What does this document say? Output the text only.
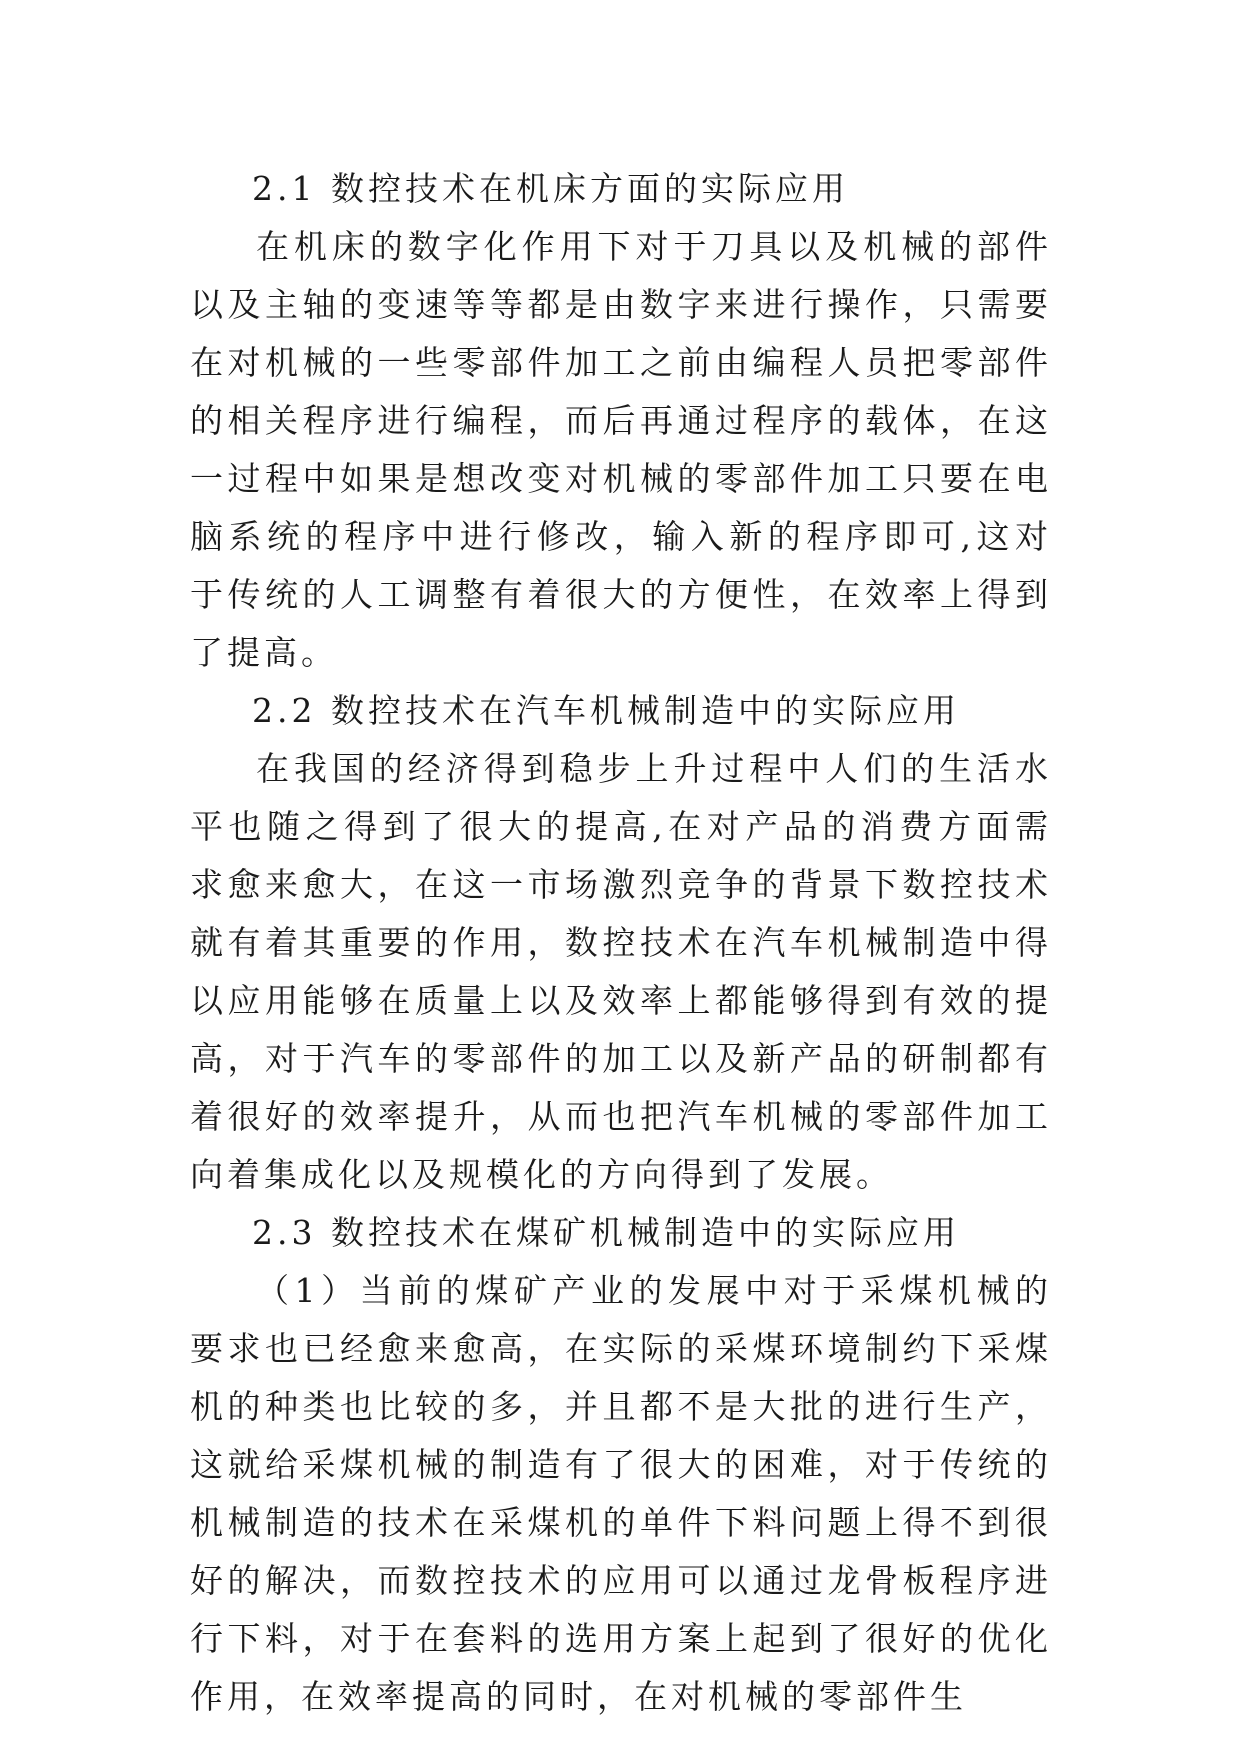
2.1 数控技术在机床方面的实际应用

在机床的数字化作用下对于刀具以及机械的部件以及主轴的变速等等都是由数字来进行操作，只需要在对机械的一些零部件加工之前由编程人员把零部件的相关程序进行编程，而后再通过程序的载体，在这一过程中如果是想改变对机械的零部件加工只要在电脑系统的程序中进行修改，输入新的程序即可,这对于传统的人工调整有着很大的方便性，在效率上得到了提高。

2.2 数控技术在汽车机械制造中的实际应用

在我国的经济得到稳步上升过程中人们的生活水平也随之得到了很大的提高,在对产品的消费方面需求愈来愈大，在这一市场激烈竞争的背景下数控技术就有着其重要的作用，数控技术在汽车机械制造中得以应用能够在质量上以及效率上都能够得到有效的提高，对于汽车的零部件的加工以及新产品的研制都有着很好的效率提升，从而也把汽车机械的零部件加工向着集成化以及规模化的方向得到了发展。

2.3 数控技术在煤矿机械制造中的实际应用

（1）当前的煤矿产业的发展中对于采煤机械的要求也已经愈来愈高，在实际的采煤环境制约下采煤机的种类也比较的多，并且都不是大批的进行生产，这就给采煤机械的制造有了很大的困难，对于传统的机械制造的技术在采煤机的单件下料问题上得不到很好的解决，而数控技术的应用可以通过龙骨板程序进行下料，对于在套料的选用方案上起到了很好的优化作用，在效率提高的同时，在对机械的零部件生
